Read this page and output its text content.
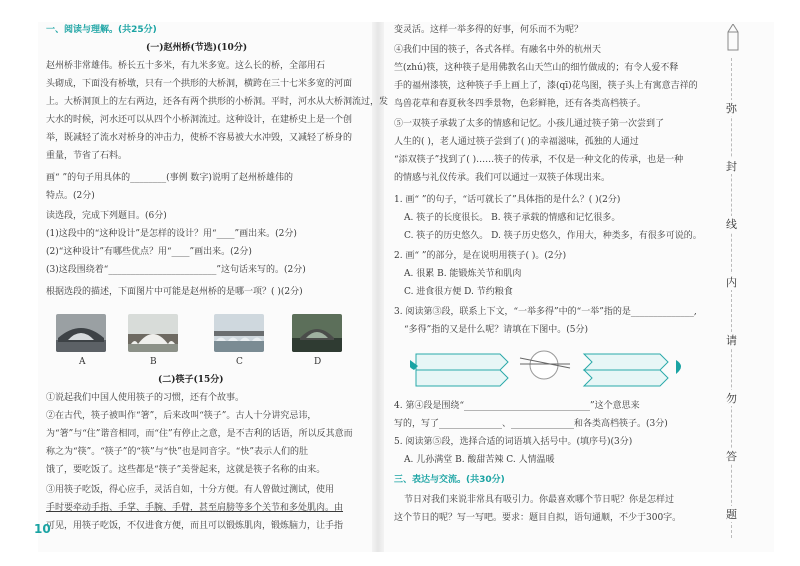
一、阅读与理解。(共25分)
(一)赵州桥(节选)(10分)
赵州桥非常雄伟。桥长五十多米，有九米多宽。这么长的桥，全部用石
头砌成，下面没有桥墩，只有一个拱形的大桥洞，横跨在三十七米多宽的河面
上。大桥洞顶上的左右两边，还各有两个拱形的小桥洞。平时，河水从大桥洞流过，发
大水的时候，河水还可以从四个小桥洞流过。这种设计，在建桥史上是一个创
举，既减轻了流水对桥身的冲击力，使桥不容易被大水冲毁，又减轻了桥身的
重量，节省了石料。
画“ ”的句子用具体的________(事例 数字)说明了赵州桥雄伟的
特点。(2分)
读选段，完成下列题目。(6分)
(1)这段中的“这种设计”是怎样的设计？用“____”画出来。(2分)
(2)“这种设计”有哪些优点？用“____”画出来。(2分)
(3)这段围绕着“________________________”这句话来写的。(2分)
根据选段的描述，下面图片中可能是赵州桥的是哪一项？( )(2分)
A	B	C	D
(二)筷子(15分)
①说起我们中国人使用筷子的习惯，还有个故事。
②在古代，筷子被叫作“箸”，后来改叫“筷子”。古人十分讲究忌讳，
为“箸”与“住”谐音相同，而“住”有停止之意，是不吉利的话语，所以反其意而
称之为“筷”。“筷子”的“筷”与“快”也是同音字。“快”表示人们的肚
饿了，要吃饭了。这些都是“筷子”美誉起来，这就是筷子名称的由来。
③用筷子吃饭，得心应手，灵活自如，十分方便。有人曾做过测试，使用
手时要牵动手指、手掌、手腕、手臂，甚至肩膀等多个关节和多处肌肉。由
可见，用筷子吃饭，不仅进食方便，而且可以锻炼肌肉，锻炼脑力，让手指
10
变灵活。这样一举多得的好事，何乐而不为呢？
④我们中国的筷子，各式各样。有融名中外的杭州天
竺(zhú)筷，这种筷子是用佛教名山天竺山的细竹做成的；有令人爱不释
手的福州漆筷，这种筷子手上画上了，漆(qī)花鸟图，筷子头上有寓意吉祥的
鸟兽花草和春夏秋冬四季景物，色彩鲜艳，还有各类高档筷子。
⑤一双筷子承载了太多的情感和记忆。小孩儿通过筷子第一次尝到了
人生的( )，老人通过筷子尝到了( )的幸福滋味，孤独的人通过
“添双筷子”找到了( )……筷子的传承，不仅是一种文化的传承，也是一种
的情感与礼仪传承。我们可以通过一双筷子体现出来。
1. 画“ ”的句子，“话可就长了”具体指的是什么？( )(2分)
A. 筷子的长度很长。 B. 筷子承载的情感和记忆很多。
C. 筷子的历史悠久。 D. 筷子历史悠久，作用大，种类多，有很多可说的。
2. 画“ ”的部分，是在说明用筷子( )。(2分)
A. 很累 B. 能锻炼关节和肌肉
C. 进食很方便 D. 节约粮食
3. 阅读第③段，联系上下文，“一举多得”中的“一举”指的是______________,
“多得”指的又是什么呢？请填在下图中。(5分)
4. 第④段是围绕“____________________________”这个意思来
写的，写了______________、______________和各类高档筷子。(3分)
5. 阅读第⑤段，选择合适的词语填入括号中。(填序号)(3分)
A. 儿孙满堂 B. 酸甜苦辣 C. 人情温暖
三、表达与交流。(共30分)
节日对我们来说非常具有吸引力。你最喜欢哪个节日呢？你是怎样过
这个节日的呢？写一写吧。要求：题目自拟，语句通顺，不少于300字。
弥
封
线
内
请
勿
答
题
